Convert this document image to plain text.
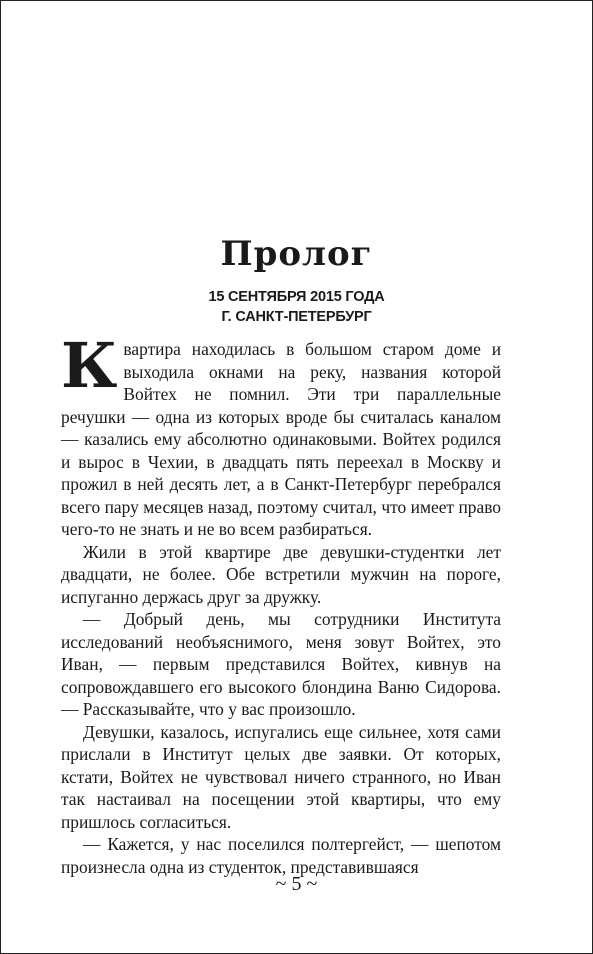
Пролог
15 СЕНТЯБРЯ 2015 ГОДА
Г. САНКТ-ПЕТЕРБУРГ

Квартира находилась в большом старом доме и выходила окнами на реку, названия которой Войтех не помнил. Эти три параллельные речушки — одна из которых вроде бы считалась каналом — казались ему абсолютно одинаковыми. Войтех родился и вырос в Чехии, в двадцать пять переехал в Москву и прожил в ней десять лет, а в Санкт-Петербург перебрался всего пару месяцев назад, поэтому считал, что имеет право чего-то не знать и не во всем разбираться.

Жили в этой квартире две девушки-студентки лет двадцати, не более. Обе встретили мужчин на пороге, испуганно держась друг за дружку.

— Добрый день, мы сотрудники Института исследований необъяснимого, меня зовут Войтех, это Иван, — первым представился Войтех, кивнув на сопровождавшего его высокого блондина Ваню Сидорова. — Рассказывайте, что у вас произошло.

Девушки, казалось, испугались еще сильнее, хотя сами прислали в Институт целых две заявки. От которых, кстати, Войтех не чувствовал ничего странного, но Иван так настаивал на посещении этой квартиры, что ему пришлось согласиться.

— Кажется, у нас поселился полтергейст, — шепотом произнесла одна из студенток, представившаяся

~ 5 ~
